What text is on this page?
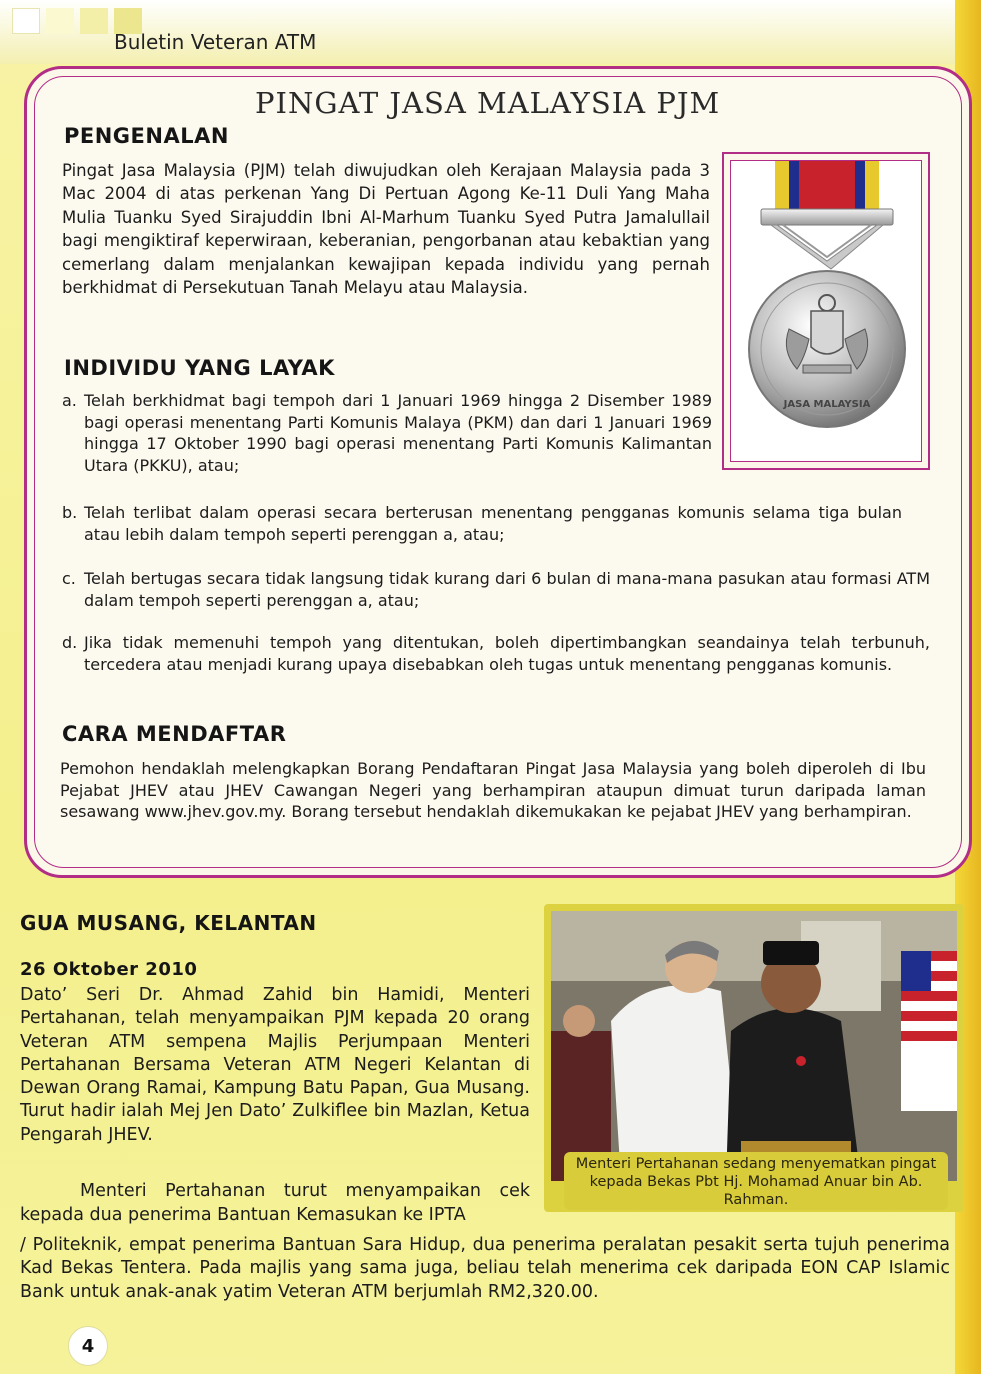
Buletin Veteran ATM
PINGAT JASA MALAYSIA PJM
PENGENALAN
Pingat Jasa Malaysia (PJM) telah diwujudkan oleh Kerajaan Malaysia pada 3 Mac 2004 di atas perkenan Yang Di Pertuan Agong Ke-11 Duli Yang Maha Mulia Tuanku Syed Sirajuddin Ibni Al-Marhum Tuanku Syed Putra Jamalullail bagi mengiktiraf keperwiraan, keberanian, pengorbanan atau kebaktian yang cemerlang dalam menjalankan kewajipan kepada individu yang pernah berkhidmat di Persekutuan Tanah Melayu atau Malaysia.
JASA MALAYSIA
INDIVIDU YANG LAYAK
a. Telah berkhidmat bagi tempoh dari 1 Januari 1969 hingga 2 Disember 1989 bagi operasi menentang Parti Komunis Malaya (PKM) dan dari 1 Januari 1969 hingga 17 Oktober 1990 bagi operasi menentang Parti Komunis Kalimantan Utara (PKKU), atau;
b. Telah terlibat dalam operasi secara berterusan menentang pengganas komunis selama tiga bulan atau lebih dalam tempoh seperti perenggan a, atau;
c. Telah bertugas secara tidak langsung tidak kurang dari 6 bulan di mana-mana pasukan atau formasi ATM dalam tempoh seperti perenggan a, atau;
d. Jika tidak memenuhi tempoh yang ditentukan, boleh dipertimbangkan seandainya telah terbunuh, tercedera atau menjadi kurang upaya disebabkan oleh tugas untuk menentang pengganas komunis.
CARA MENDAFTAR
Pemohon hendaklah melengkapkan Borang Pendaftaran Pingat Jasa Malaysia yang boleh diperoleh di Ibu Pejabat JHEV atau JHEV Cawangan Negeri yang berhampiran ataupun dimuat turun daripada laman sesawang www.jhev.gov.my. Borang tersebut hendaklah dikemukakan ke pejabat JHEV yang berhampiran.
GUA MUSANG, KELANTAN
26 Oktober 2010
Dato’ Seri Dr. Ahmad Zahid bin Hamidi, Menteri Pertahanan, telah menyampaikan PJM kepada 20 orang Veteran ATM sempena Majlis Perjumpaan Menteri Pertahanan Bersama Veteran ATM Negeri Kelantan di Dewan Orang Ramai, Kampung Batu Papan, Gua Musang. Turut hadir ialah Mej Jen Dato’ Zulkiflee bin Mazlan, Ketua Pengarah JHEV.
Menteri Pertahanan turut menyampaikan cek kepada dua penerima Bantuan Kemasukan ke IPTA
/ Politeknik, empat penerima Bantuan Sara Hidup, dua penerima peralatan pesakit serta tujuh penerima Kad Bekas Tentera. Pada majlis yang sama juga, beliau telah menerima cek daripada EON CAP Islamic Bank untuk anak-anak yatim Veteran ATM berjumlah RM2,320.00.
Menteri Pertahanan sedang menyematkan pingat kepada Bekas Pbt Hj. Mohamad Anuar bin Ab. Rahman.
4
